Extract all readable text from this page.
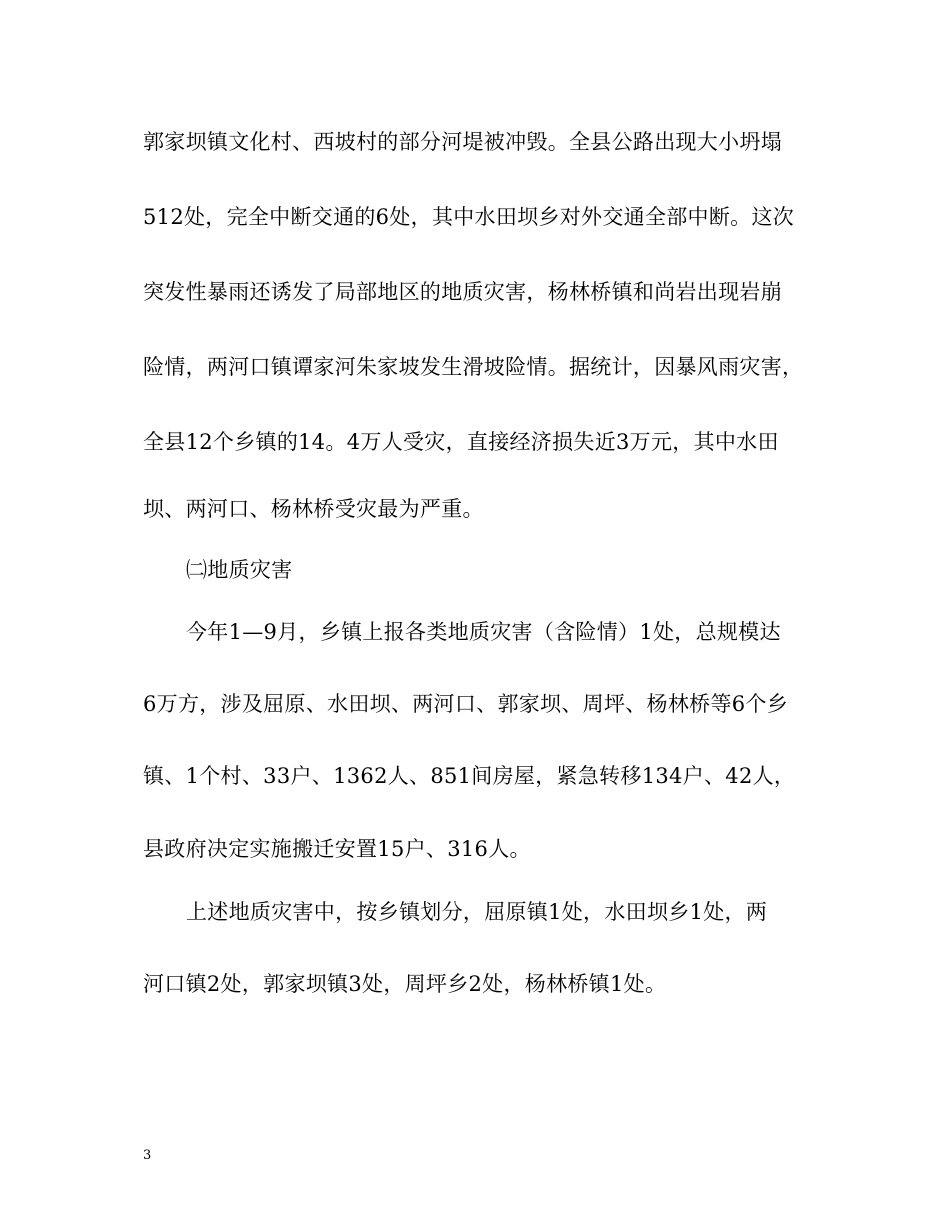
郭家坝镇文化村、西坡村的部分河堤被冲毁。全县公路出现大小坍塌
512处，完全中断交通的6处，其中水田坝乡对外交通全部中断。这次
突发性暴雨还诱发了局部地区的地质灾害，杨林桥镇和尚岩出现岩崩
险情，两河口镇谭家河朱家坡发生滑坡险情。据统计，因暴风雨灾害，
全县12个乡镇的14。4万人受灾，直接经济损失近3万元，其中水田
坝、两河口、杨林桥受灾最为严重。
㈡地质灾害
今年1—9月，乡镇上报各类地质灾害（含险情）1处，总规模达
6万方，涉及屈原、水田坝、两河口、郭家坝、周坪、杨林桥等6个乡
镇、1个村、33户、1362人、851间房屋，紧急转移134户、42人，
县政府决定实施搬迁安置15户、316人。
上述地质灾害中，按乡镇划分，屈原镇1处，水田坝乡1处，两
河口镇2处，郭家坝镇3处，周坪乡2处，杨林桥镇1处。
3
